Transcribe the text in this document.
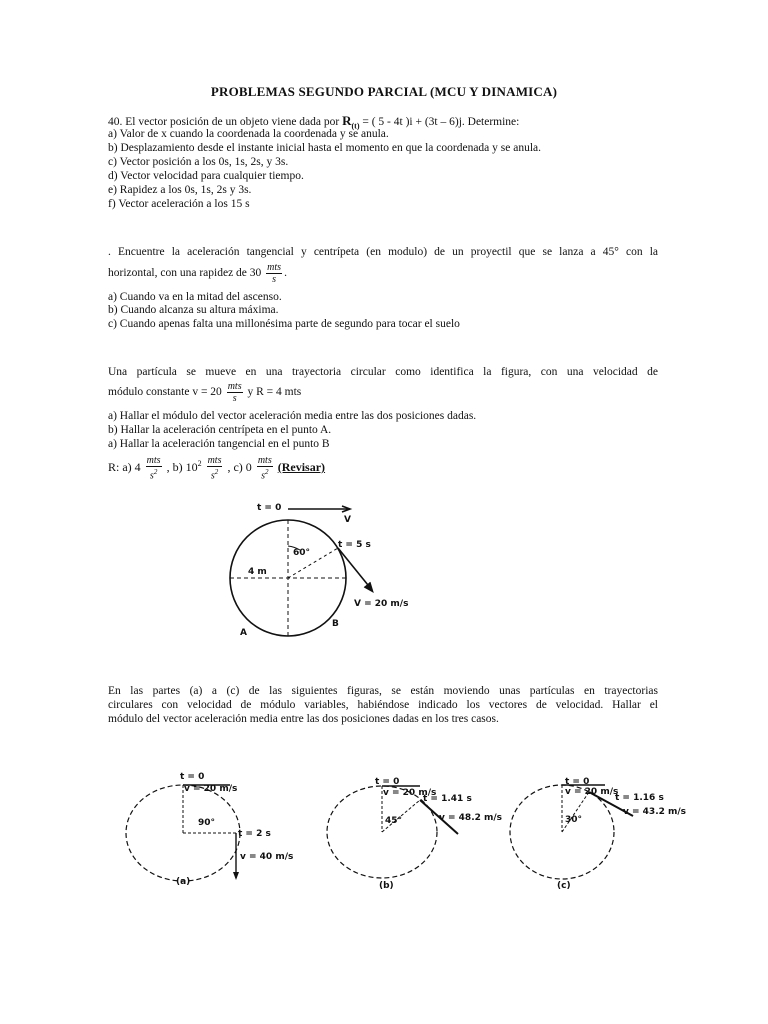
PROBLEMAS SEGUNDO PARCIAL (MCU Y DINAMICA)
40. El vector posición de un objeto viene dada por $R_{(t)}$ = ( 5 - 4t )i + (3t – 6)j. Determine:
a) Valor de x cuando la coordenada la coordenada y se anula.
b) Desplazamiento desde el instante inicial hasta el momento en que la coordenada y se anula.
c) Vector posición a los 0s, 1s, 2s, y 3s.
d) Vector velocidad para cualquier tiempo.
e) Rapidez a los 0s, 1s, 2s y 3s.
f) Vector aceleración a los 15 s
. Encuentre la aceleración tangencial y centrípeta (en modulo) de un proyectil que se lanza a 45° con la
horizontal, con una rapidez de $30 \frac{\text{mts}}{s}$ .
a) Cuando va en la mitad del ascenso.
b) Cuando alcanza su altura máxima.
c) Cuando apenas falta una millonésima parte de segundo para tocar el suelo
Una partícula se mueve en una trayectoria circular como identifica la figura, con una velocidad de
módulo constante $v = 20 \frac{\text{mts}}{s}$ y R = 4 mts
a) Hallar el módulo del vector aceleración media entre las dos posiciones dadas.
b) Hallar la aceleración centrípeta en el punto A.
a) Hallar la aceleración tangencial en el punto B
R: a) $4 \frac{\text{mts}}{s^2}$ , b) $10^2 \frac{\text{mts}}{s^2}$ , c) $0 \frac{\text{mts}}{s^2}$ (Revisar)
t = 0
V
60°
t = 5 s
4 m
V = 20 m/s
A
B
En las partes (a) a (c) de las siguientes figuras, se están moviendo unas partículas en trayectorias
circulares con velocidad de módulo variables, habiéndose indicado los vectores de velocidad. Hallar el
módulo del vector aceleración media entre las dos posiciones dadas en los tres casos.
t = 0
v = 20 m/s
90°
t = 2 s
v = 40 m/s
(a)
t = 0
v = 20 m/s
45°
t = 1.41 s
v = 48.2 m/s
(b)
t = 0
v = 20 m/s
30°
t = 1.16 s
v = 43.2 m/s
(c)
